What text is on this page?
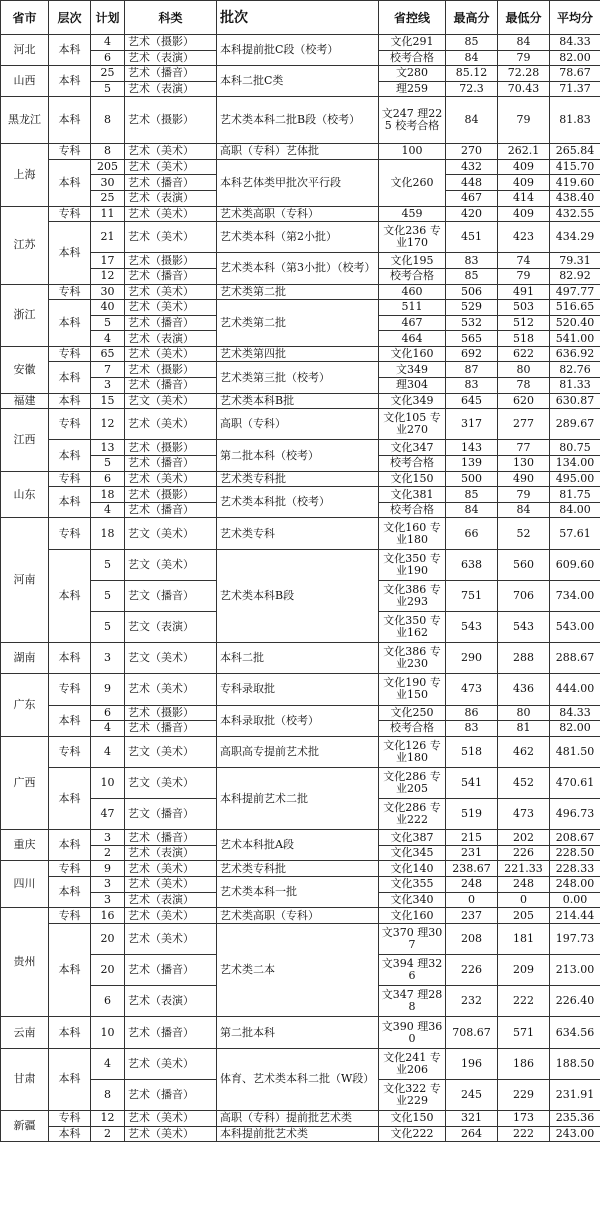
省市	层次	计划	科类	批次	省控线	最高分	最低分	平均分
河北	本科	4	艺术（摄影）	本科提前批C段（校考）	文化291	85	84	84.33
		6	艺术（表演）		校考合格	84	79	82.00
山西	本科	25	艺术（播音）	本科二批C类	文280	85.12	72.28	78.67
		5	艺术（表演）		理259	72.3	70.43	71.37
黑龙江	本科	8	艺术（摄影）	艺术类本科二批B段（校考）	文247 理225 校考合格	84	79	81.83
上海	专科	8	艺术（美术）	高职（专科）艺体批	100	270	262.1	265.84
	本科	205	艺术（美术）	本科艺体类甲批次平行段	文化260	432	409	415.70
		30	艺术（播音）			448	409	419.60
		25	艺术（表演）			467	414	438.40
江苏	专科	11	艺术（美术）	艺术类高职（专科）	459	420	409	432.55
	本科	21	艺术（美术）	艺术类本科（第2小批）	文化236 专业170	451	423	434.29

		17	艺术（摄影）	艺术类本科（第3小批）（校考）	文化195	83	74	79.31
		12	艺术（播音）		校考合格	85	79	82.92
浙江	专科	30	艺术（美术）	艺术类第二批	460	506	491	497.77
	本科	40	艺术（美术）	艺术类第二批	511	529	503	516.65
		5	艺术（播音）		467	532	512	520.40
		4	艺术（表演）		464	565	518	541.00
安徽	专科	65	艺术（美术）	艺术类第四批	文化160	692	622	636.92
	本科	7	艺术（摄影）	艺术类第三批（校考）	文349	87	80	82.76
		3	艺术（播音）		理304	83	78	81.33
福建	本科	15	艺文（美术）	艺术类本科B批	文化349	645	620	630.87
江西	专科	12	艺术（美术）	高职（专科）	文化105 专业270	317	277	289.67
	本科	13	艺术（摄影）	第二批本科（校考）	文化347	143	77	80.75
		5	艺术（播音）		校考合格	139	130	134.00
山东	专科	6	艺术（美术）	艺术类专科批	文化150	500	490	495.00
	本科	18	艺术（摄影）	艺术类本科批（校考）	文化381	85	79	81.75
		4	艺术（播音）		校考合格	84	84	84.00
河南	专科	18	艺文（美术）	艺术类专科	文化160 专业180	66	52	57.61
	本科	5	艺文（美术）	艺术类本科B段	文化350 专业190	638	560	609.60
		5	艺文（播音）		文化386 专业293	751	706	734.00
		5	艺文（表演）		文化350 专业162	543	543	543.00
湖南	本科	3	艺文（美术）	本科二批	文化386 专业230	290	288	288.67
广东	专科	9	艺术（美术）	专科录取批	文化190 专业150	473	436	444.00
	本科	6	艺术（摄影）	本科录取批（校考）	文化250	86	80	84.33
		4	艺术（播音）		校考合格	83	81	82.00
广西	专科	4	艺文（美术）	高职高专提前艺术批	文化126 专业180	518	462	481.50
	本科	10	艺文（美术）	本科提前艺术二批	文化286 专业205	541	452	470.61
		47	艺文（播音）		文化286 专业222	519	473	496.73
重庆	本科	3	艺术（播音）	艺术本科批A段	文化387	215	202	208.67
		2	艺术（表演）		文化345	231	226	228.50
四川	专科	9	艺术（美术）	艺术类专科批	文化140	238.67	221.33	228.33
	本科	3	艺术（美术）	艺术类本科一批	文化355	248	248	248.00
		3	艺术（表演）		文化340	0	0	0.00
贵州	专科	16	艺术（美术）	艺术类高职（专科）	文化160	237	205	214.44
	本科	20	艺术（美术）	艺术类二本	文370 理307	208	181	197.73
		20	艺术（播音）		文394 理326	226	209	213.00
		6	艺术（表演）		文347 理288	232	222	226.40
云南	本科	10	艺术（播音）	第二批本科	文390 理360	708.67	571	634.56
甘肃	本科	4	艺术（美术）	体育、艺术类本科二批（W段）	文化241 专业206	196	186	188.50
		8	艺术（播音）		文化322 专业229	245	229	231.91
新疆	专科	12	艺术（美术）	高职（专科）提前批艺术类	文化150	321	173	235.36
	本科	2	艺术（美术）	本科提前批艺术类	文化222	264	222	243.00
